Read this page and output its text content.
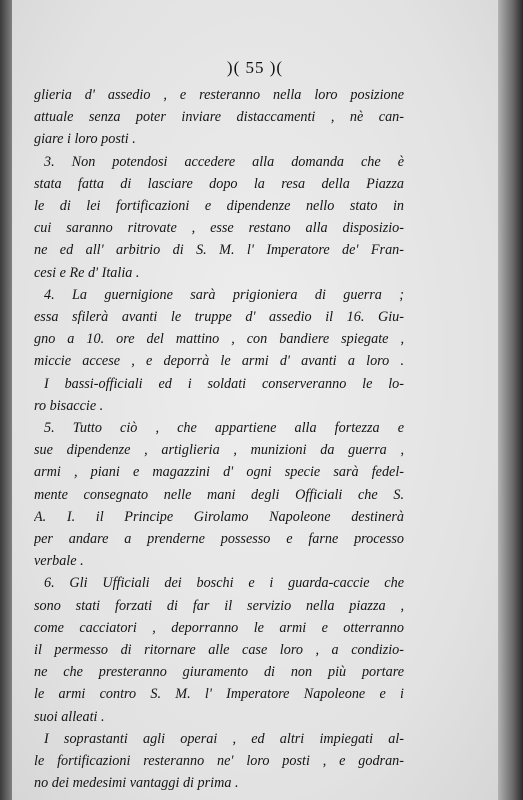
)( 55 )(
glieria d' assedio , e resteranno nella loro posizione
attuale senza poter inviare distaccamenti , nè can-
giare i loro posti .
3. Non potendosi accedere alla domanda che è
stata fatta di lasciare dopo la resa della Piazza
le di lei fortificazioni e dipendenze nello stato in
cui saranno ritrovate , esse restano alla disposizio-
ne ed all' arbitrio di S. M. l' Imperatore de' Fran-
cesi e Re d' Italia .
4. La guernigione sarà prigioniera di guerra ;
essa sfilerà avanti le truppe d' assedio il 16. Giu-
gno a 10. ore del mattino , con bandiere spiegate ,
miccie accese , e deporrà le armi d' avanti a loro .
I bassi-officiali ed i soldati conserveranno le lo-
ro bisaccie .
5. Tutto ciò , che appartiene alla fortezza e
sue dipendenze , artiglieria , munizioni da guerra ,
armi , piani e magazzini d' ogni specie sarà fedel-
mente consegnato nelle mani degli Officiali che S.
A. I. il Principe Girolamo Napoleone destinerà
per andare a prenderne possesso e farne processo
verbale .
6. Gli Ufficiali dei boschi e i guarda-caccie che
sono stati forzati di far il servizio nella piazza ,
come cacciatori , deporranno le armi e otterranno
il permesso di ritornare alle case loro , a condizio-
ne che presteranno giuramento di non più portare
le armi contro S. M. l' Imperatore Napoleone e i
suoi alleati .
I soprastanti agli operai , ed altri impiegati al-
le fortificazioni resteranno ne' loro posti , e godran-
no dei medesimi vantaggi di prima .
